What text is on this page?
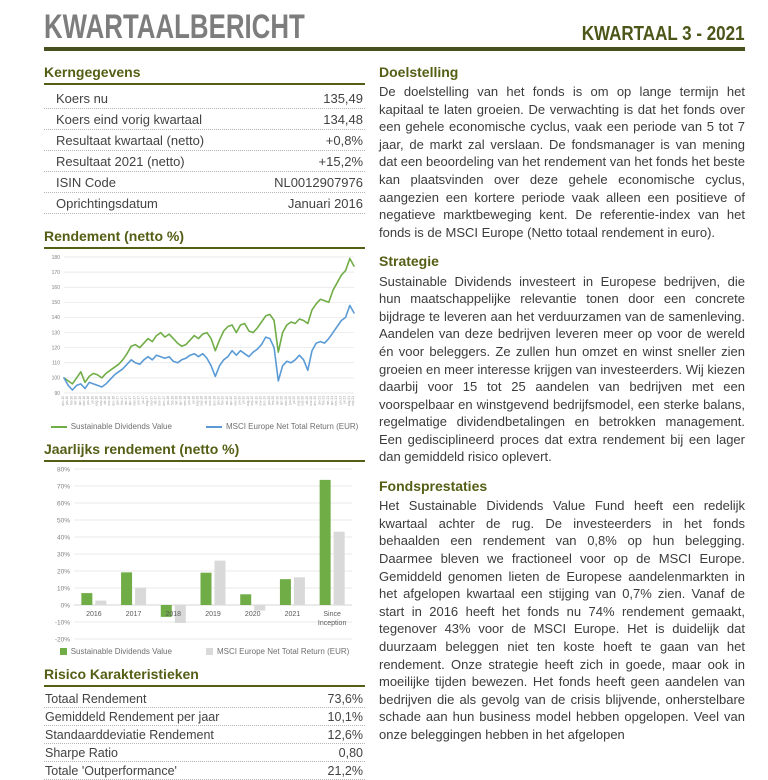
KWARTAALBERICHT	KWARTAAL 3 - 2021
Kerngegevens
Koers nu	135,49
Koers eind vorig kwartaal	134,48
Resultaat kwartaal (netto)	+0,8%
Resultaat 2021 (netto)	+15,2%
ISIN Code	NL0012907976
Oprichtingsdatum	Januari 2016
Rendement (netto %)
90
100
110
120
130
140
150
160
170
180
dec-15 jan-16 feb-16 mrt-16 apr-16 mei-16 jun-16 jul-16 aug-16 sep-16 okt-16 nov-16 dec-16 jan-17 feb-17 mrt-17 apr-17 mei-17 jun-17 jul-17 aug-17 sep-17 okt-17 nov-17 dec-17 jan-18 feb-18 mrt-18 apr-18 mei-18 jun-18 jul-18 aug-18 sep-18 okt-18 nov-18 dec-18 jan-19 feb-19 mrt-19 apr-19 mei-19 jun-19 jul-19 aug-19 sep-19 okt-19 nov-19 dec-19 jan-20 feb-20 mrt-20 apr-20 mei-20 jun-20 jul-20 aug-20 sep-20 okt-20 nov-20 dec-20 jan-21 feb-21 mrt-21 apr-21 mei-21 jun-21 jul-21 aug-21 sep-21
Sustainable Dividends Value	MSCI Europe Net Total Return (EUR)
Jaarlijks rendement (netto %)
-20%
-10%
0%
10%
20%
30%
40%
50%
60%
70%
80%
2016	2017	2018	2019	2020	2021	Since
Inception
Sustainable Dividends Value	MSCI Europe Net Total Return (EUR)
Risico Karakteristieken
Totaal Rendement	73,6%
Gemiddeld Rendement per jaar	10,1%
Standaarddeviatie Rendement	12,6%
Sharpe Ratio	0,80
Totale 'Outperformance'	21,2%
Doelstelling

De doelstelling van het fonds is om op lange termijn het kapitaal te laten groeien. De verwachting is dat het fonds over een gehele economische cyclus, vaak een periode van 5 tot 7 jaar, de markt zal verslaan. De fondsmanager is van mening dat een beoordeling van het rendement van het fonds het beste kan plaatsvinden over deze gehele economische cyclus, aangezien een kortere periode vaak alleen een positieve of negatieve marktbeweging kent. De referentie-index van het fonds is de MSCI Europe (Netto totaal rendement in euro).

Strategie

Sustainable Dividends investeert in Europese bedrijven, die hun maatschappelijke relevantie tonen door een concrete bijdrage te leveren aan het verduurzamen van de samenleving. Aandelen van deze bedrijven leveren meer op voor de wereld én voor beleggers. Ze zullen hun omzet en winst sneller zien groeien en meer interesse krijgen van investeerders. Wij kiezen daarbij voor 15 tot 25 aandelen van bedrijven met een voorspelbaar en winstgevend bedrijfsmodel, een sterke balans, regelmatige dividendbetalingen en betrokken management. Een gedisciplineerd proces dat extra rendement bij een lager dan gemiddeld risico oplevert.

Fondsprestaties

Het Sustainable Dividends Value Fund heeft een redelijk kwartaal achter de rug. De investeerders in het fonds behaalden een rendement van 0,8% op hun belegging. Daarmee bleven we fractioneel voor op de MSCI Europe. Gemiddeld genomen lieten de Europese aandelenmarkten in het afgelopen kwartaal een stijging van 0,7% zien. Vanaf de start in 2016 heeft het fonds nu 74% rendement gemaakt, tegenover 43% voor de MSCI Europe. Het is duidelijk dat duurzaam beleggen niet ten koste hoeft te gaan van het rendement. Onze strategie heeft zich in goede, maar ook in moeilijke tijden bewezen. Het fonds heeft geen aandelen van bedrijven die als gevolg van de crisis blijvende, onherstelbare schade aan hun business model hebben opgelopen. Veel van onze beleggingen hebben in het afgelopen
